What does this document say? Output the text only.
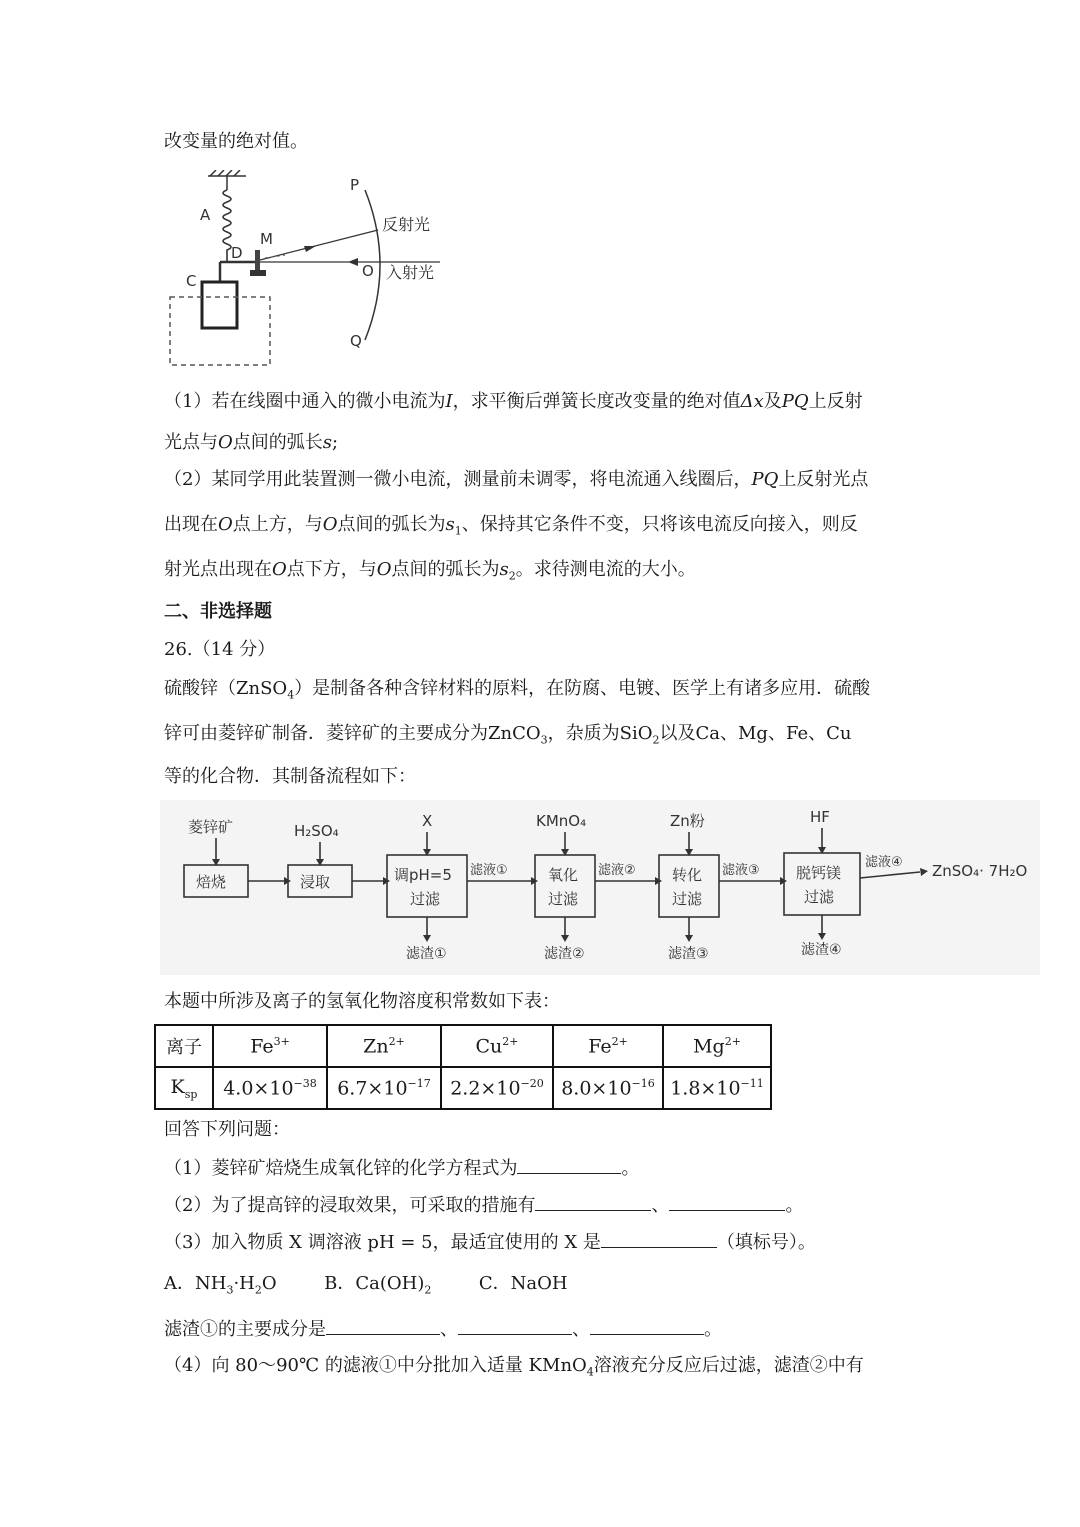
改变量的绝对值。
A
C
D
M
P
O
Q
反射光
入射光
（1）若在线圈中通入的微小电流为I，求平衡后弹簧长度改变量的绝对值Δx及PQ上反射
光点与O点间的弧长s;
（2）某同学用此装置测一微小电流，测量前未调零，将电流通入线圈后，PQ上反射光点
出现在O点上方，与O点间的弧长为$s_1$、保持其它条件不变，只将该电流反向接入，则反
射光点出现在O点下方，与O点间的弧长为$s_2$。求待测电流的大小。
二、非选择题
26.（14 分）
硫酸锌（ZnSO$_4$）是制备各种含锌材料的原料，在防腐、电镀、医学上有诸多应用．硫酸
锌可由菱锌矿制备．菱锌矿的主要成分为ZnCO$_3$，杂质为SiO$_2$以及Ca、Mg、Fe、Cu
等的化合物．其制备流程如下：
菱锌矿	H₂SO₄
X	KMnO₄	Zn粉	HF
焙烧	浸取	调pH=5
过滤
氧化
过滤
转化
过滤
脱钙镁
过滤
滤液①	滤液②	滤液③
滤液④
滤渣①	滤渣②	滤渣③	滤渣④
ZnSO₄· 7H₂O
本题中所涉及离子的氢氧化物溶度积常数如下表：
离子	$Fe^{3+}$	$Zn^{2+}$	$Cu^{2+}$	$Fe^{2+}$	$Mg^{2+}$
$K_{sp}$	$4.0\times 10^{-38}$	$6.7\times 10^{-17}$	$2.2\times 10^{-20}$	$8.0\times 10^{-16}$	$1.8\times 10^{-11}$
回答下列问题：
（1）菱锌矿焙烧生成氧化锌的化学方程式为	。
（2）为了提高锌的浸取效果，可采取的措施有	、	。
（3）加入物质 X 调溶液 pH = 5，最适宜使用的 X 是	（填标号）。
A．$NH_3\cdot H_2O$	B．$Ca(OH)_2$	C．NaOH
滤渣①的主要成分是	、	、	。
（4）向 80～90℃ 的滤液①中分批加入适量 KMnO$_4$溶液充分反应后过滤，滤渣②中有
